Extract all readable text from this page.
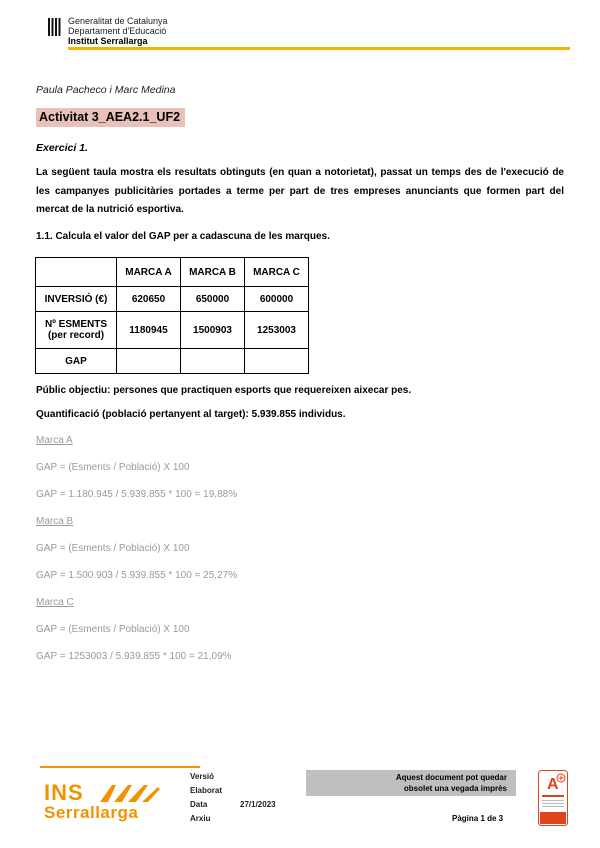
Generalitat de Catalunya
Departament d'Educació
Institut Serrallarga
Paula Pacheco i Marc Medina
Activitat 3_AEA2.1_UF2
Exercici 1.
La següent taula mostra els resultats obtinguts (en quan a notorietat), passat un temps des de l'execució de les campanyes publicitàries portades a terme per part de tres empreses anunciants que formen part del mercat de la nutrició esportiva.
1.1. Calcula el valor del GAP per a cadascuna de les marques.
	MARCA A	MARCA B	MARCA C
INVERSIÓ (€)	620650	650000	600000

Nº ESMENTS
(per record)	1180945	1500903	1253003
GAP			
Públic objectiu: persones que practiquen esports que requereixen aixecar pes.
Quantificació (població pertanyent al target): 5.939.855 individus.
Marca A
GAP = (Esments / Població) X 100
GAP = 1.180.945 / 5.939.855 * 100 = 19,88%
Marca B
GAP = (Esments / Població) X 100
GAP = 1.500.903 / 5.939.855 * 100 = 25,27%
Marca C
GAP = (Esments / Població) X 100
GAP = 1253003 / 5.939.855 * 100 = 21,09%
INS
Serrallarga
Versió
Elaborat
Data	27/1/2023
Arxiu
Aquest document pot quedar
obsolet una vegada imprès
Pàgina 1 de 3
A
